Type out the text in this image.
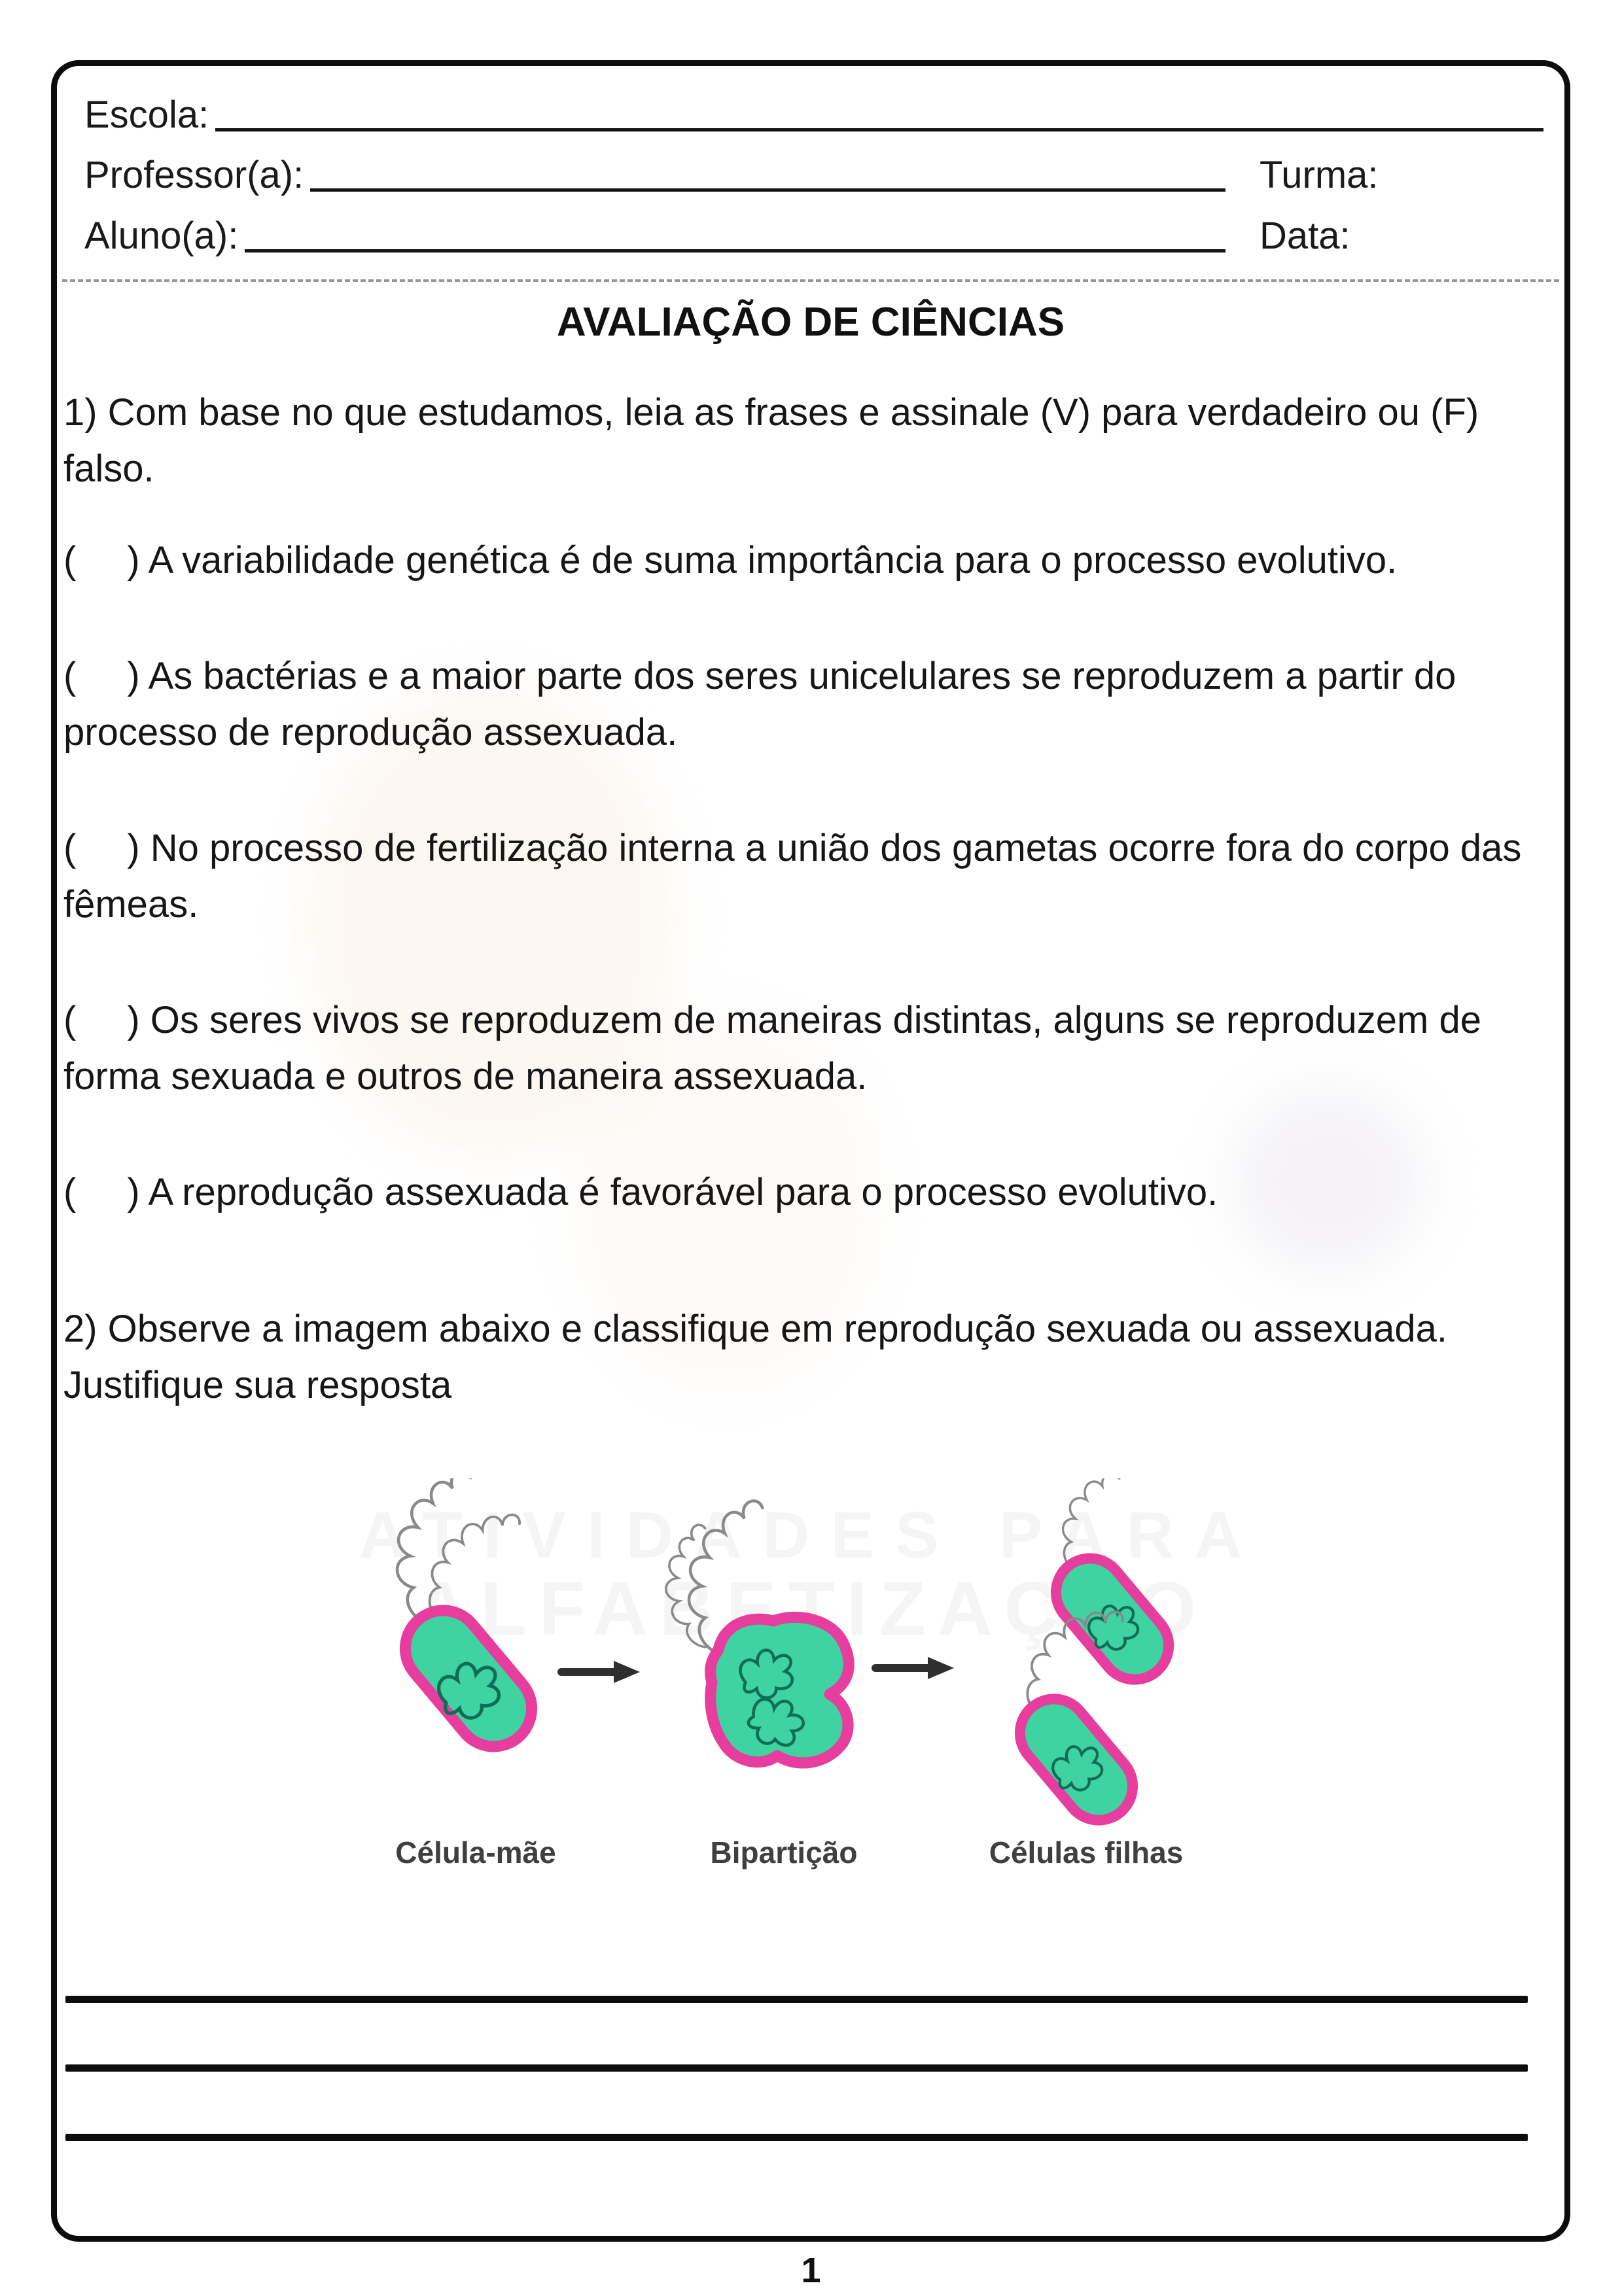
ATIVIDADES PARA
ALFABETIZAÇÃO
Escola:
Professor(a):	Turma:
Aluno(a):	Data:
AVALIAÇÃO DE CIÊNCIAS

1) Com base no que estudamos, leia as frases e assinale (V) para verdadeiro ou (F) falso.

( ) A variabilidade genética é de suma importância para o processo evolutivo.

( ) As bactérias e a maior parte dos seres unicelulares se reproduzem a partir do processo de reprodução assexuada.

( ) No processo de fertilização interna a união dos gametas ocorre fora do corpo das fêmeas.

( ) Os seres vivos se reproduzem de maneiras distintas, alguns se reproduzem de forma sexuada e outros de maneira assexuada.

( ) A reprodução assexuada é favorável para o processo evolutivo.

2) Observe a imagem abaixo e classifique em reprodução sexuada ou assexuada. Justifique sua resposta

Célula-mãe	Bipartição	Células filhas
1
